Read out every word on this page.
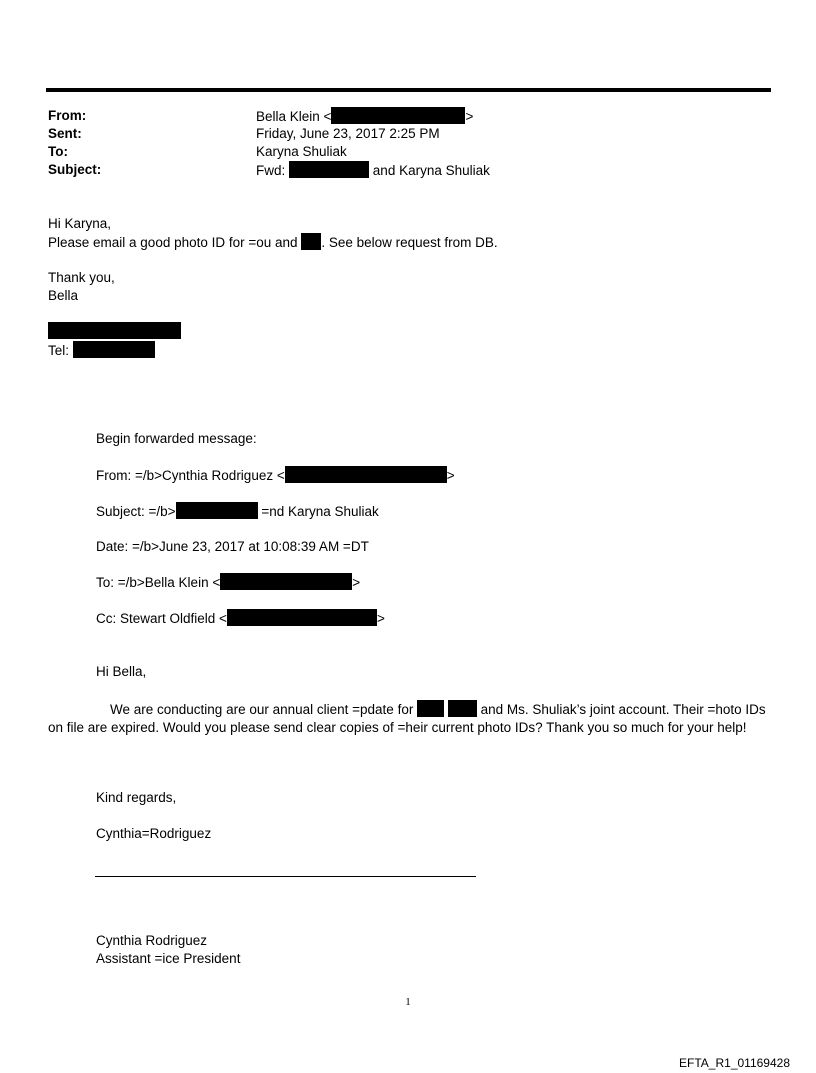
From:	Bella Klein <	>
Sent:	Friday, June 23, 2017 2:25 PM
To:	Karyna Shuliak
Subject:	Fwd:	and Karyna Shuliak
Hi Karyna,
Please email a good photo ID for =ou and . See below request from DB.
Thank you,
Bella
Tel:
Begin forwarded message:
From: =/b>Cynthia Rodriguez <	>
Subject: =/b>	=nd Karyna Shuliak
Date: =/b>June 23, 2017 at 10:08:39 AM =DT
To: =/b>Bella Klein <	>
Cc: Stewart Oldfield <	>
Hi Bella,
We are conducting are our annual client =pdate for	and Ms. Shuliak’s joint account. Their =hoto IDs on file are expired. Would you please send clear copies of =heir current photo IDs? Thank you so much for your help!
Kind regards,
Cynthia=Rodriguez
Cynthia Rodriguez
Assistant =ice President
1
EFTA_R1_01169428
